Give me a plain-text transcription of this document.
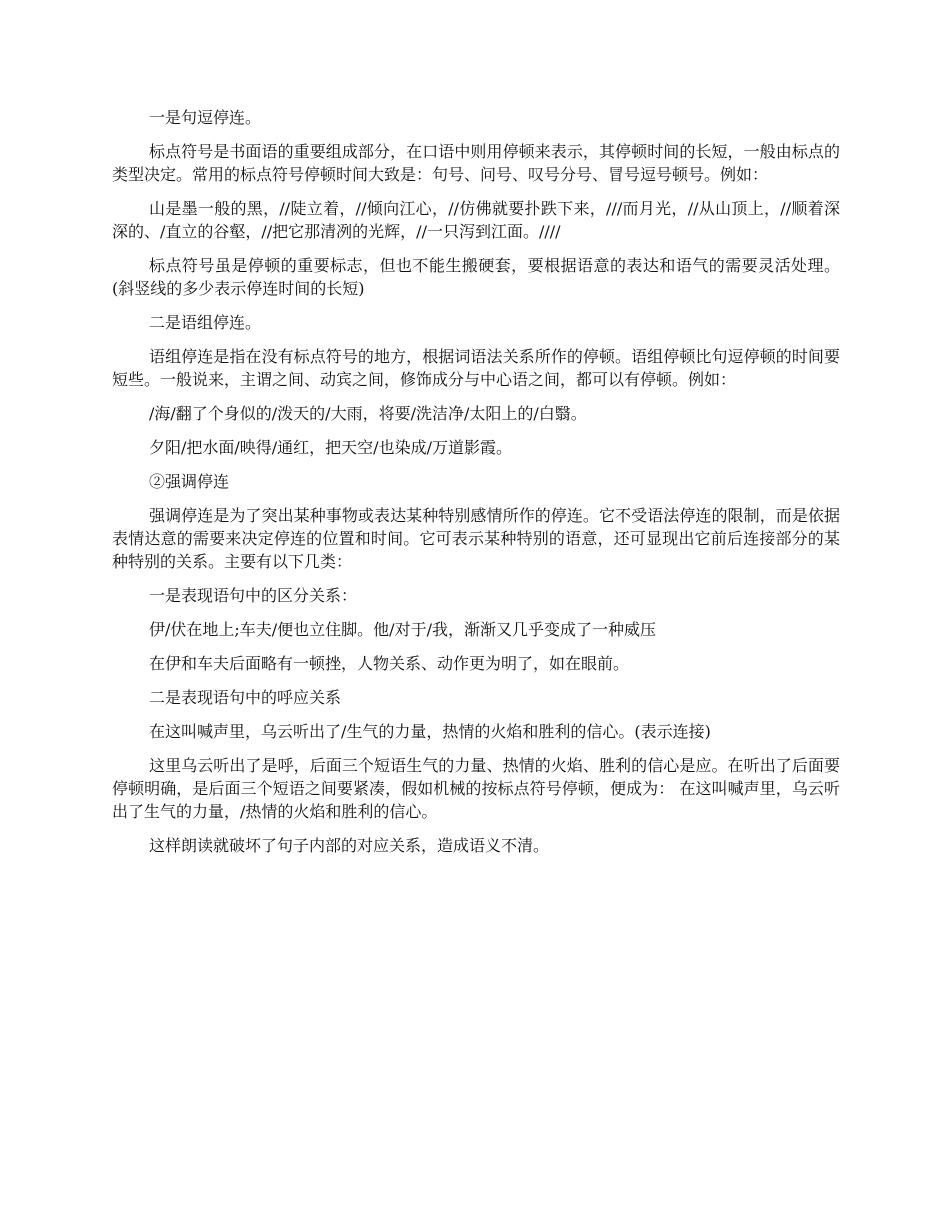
一是句逗停连。

标点符号是书面语的重要组成部分，在口语中则用停顿来表示，其停顿时间的长短，一般由标点的类型决定。常用的标点符号停顿时间大致是：句号、问号、叹号分号、冒号逗号顿号。例如：

山是墨一般的黑，//陡立着，//倾向江心，//仿佛就要扑跌下来，///而月光，//从山顶上，//顺着深深的、/直立的谷壑，//把它那清冽的光辉，//一只泻到江面。////

标点符号虽是停顿的重要标志，但也不能生搬硬套，要根据语意的表达和语气的需要灵活处理。(斜竖线的多少表示停连时间的长短)

二是语组停连。

语组停连是指在没有标点符号的地方，根据词语法关系所作的停顿。语组停顿比句逗停顿的时间要短些。一般说来，主谓之间、动宾之间，修饰成分与中心语之间，都可以有停顿。例如：

/海/翻了个身似的/泼天的/大雨，将要/洗洁净/太阳上的/白翳。

夕阳/把水面/映得/通红，把天空/也染成/万道影霞。

②强调停连

强调停连是为了突出某种事物或表达某种特别感情所作的停连。它不受语法停连的限制，而是依据表情达意的需要来决定停连的位置和时间。它可表示某种特别的语意，还可显现出它前后连接部分的某种特别的关系。主要有以下几类：

一是表现语句中的区分关系：

伊/伏在地上;车夫/便也立住脚。他/对于/我，渐渐又几乎变成了一种威压

在伊和车夫后面略有一顿挫，人物关系、动作更为明了，如在眼前。

二是表现语句中的呼应关系

在这叫喊声里，乌云听出了/生气的力量，热情的火焰和胜利的信心。(表示连接)

这里乌云听出了是呼，后面三个短语生气的力量、热情的火焰、胜利的信心是应。在听出了后面要停顿明确，是后面三个短语之间要紧凑，假如机械的按标点符号停顿，便成为： 在这叫喊声里，乌云听出了生气的力量，/热情的火焰和胜利的信心。

这样朗读就破坏了句子内部的对应关系，造成语义不清。
